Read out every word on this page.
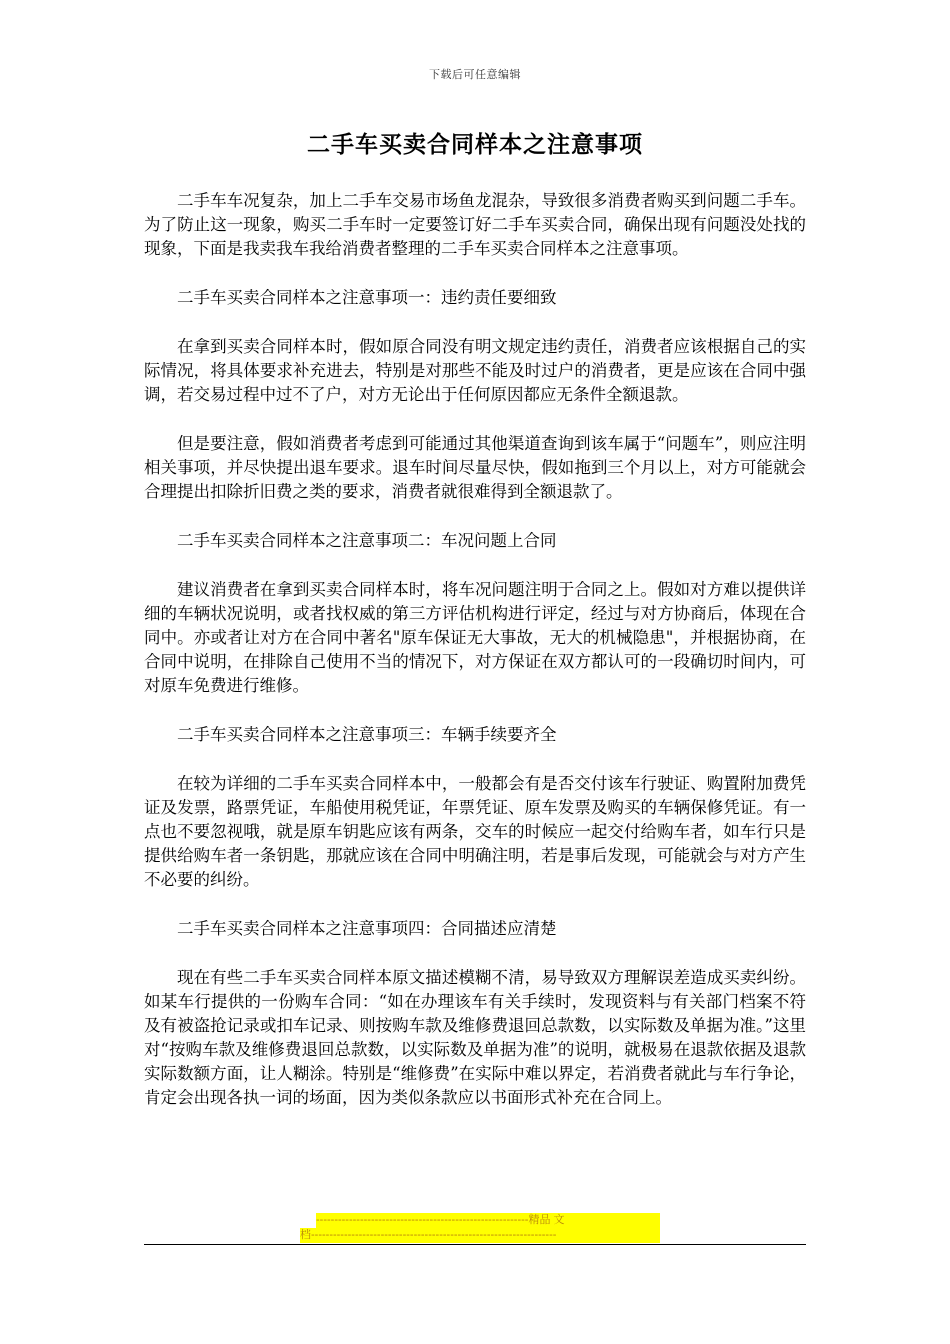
下载后可任意编辑
二手车买卖合同样本之注意事项

二手车车况复杂，加上二手车交易市场鱼龙混杂，导致很多消费者购买到问题二手车。为了防止这一现象，购买二手车时一定要签订好二手车买卖合同，确保出现有问题没处找的现象，下面是我卖我车我给消费者整理的二手车买卖合同样本之注意事项。

二手车买卖合同样本之注意事项一：违约责任要细致

在拿到买卖合同样本时，假如原合同没有明文规定违约责任，消费者应该根据自己的实际情况，将具体要求补充进去，特别是对那些不能及时过户的消费者，更是应该在合同中强调，若交易过程中过不了户，对方无论出于任何原因都应无条件全额退款。

但是要注意，假如消费者考虑到可能通过其他渠道查询到该车属于“问题车”，则应注明相关事项，并尽快提出退车要求。退车时间尽量尽快，假如拖到三个月以上，对方可能就会合理提出扣除折旧费之类的要求，消费者就很难得到全额退款了。

二手车买卖合同样本之注意事项二：车况问题上合同

建议消费者在拿到买卖合同样本时，将车况问题注明于合同之上。假如对方难以提供详细的车辆状况说明，或者找权威的第三方评估机构进行评定，经过与对方协商后，体现在合同中。亦或者让对方在合同中著名"原车保证无大事故，无大的机械隐患"，并根据协商，在合同中说明，在排除自己使用不当的情况下，对方保证在双方都认可的一段确切时间内，可对原车免费进行维修。

二手车买卖合同样本之注意事项三：车辆手续要齐全

在较为详细的二手车买卖合同样本中，一般都会有是否交付该车行驶证、购置附加费凭证及发票，路票凭证，车船使用税凭证，年票凭证、原车发票及购买的车辆保修凭证。有一点也不要忽视哦，就是原车钥匙应该有两条，交车的时候应一起交付给购车者，如车行只是提供给购车者一条钥匙，那就应该在合同中明确注明，若是事后发现，可能就会与对方产生不必要的纠纷。

二手车买卖合同样本之注意事项四：合同描述应清楚

现在有些二手车买卖合同样本原文描述模糊不清，易导致双方理解误差造成买卖纠纷。如某车行提供的一份购车合同：“如在办理该车有关手续时，发现资料与有关部门档案不符及有被盗抢记录或扣车记录、则按购车款及维修费退回总款数，以实际数及单据为准。”这里对“按购车款及维修费退回总款数，以实际数及单据为准”的说明，就极易在退款依据及退款实际数额方面，让人糊涂。特别是“维修费”在实际中难以界定，若消费者就此与车行争论，肯定会出现各执一词的场面，因为类似条款应以书面形式补充在合同上。

----------------------------------------------------------精品 文
档-------------------------------------------------------------------
